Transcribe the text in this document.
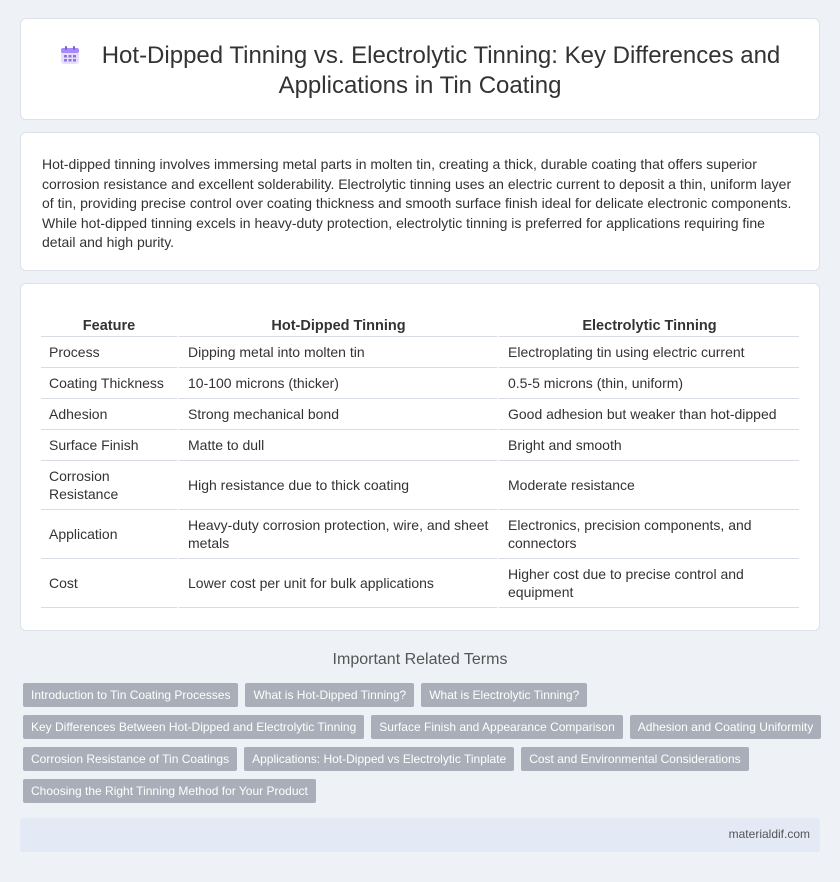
Hot-Dipped Tinning vs. Electrolytic Tinning: Key Differences and Applications in Tin Coating

Hot-dipped tinning involves immersing metal parts in molten tin, creating a thick, durable coating that offers superior corrosion resistance and excellent solderability. Electrolytic tinning uses an electric current to deposit a thin, uniform layer of tin, providing precise control over coating thickness and smooth surface finish ideal for delicate electronic components. While hot-dipped tinning excels in heavy-duty protection, electrolytic tinning is preferred for applications requiring fine detail and high purity.

Feature	Hot-Dipped Tinning	Electrolytic Tinning
Process	Dipping metal into molten tin	Electroplating tin using electric current
Coating Thickness	10-100 microns (thicker)	0.5-5 microns (thin, uniform)
Adhesion	Strong mechanical bond	Good adhesion but weaker than hot-dipped
Surface Finish	Matte to dull	Bright and smooth
Corrosion Resistance	High resistance due to thick coating	Moderate resistance
Application	Heavy-duty corrosion protection, wire, and sheet metals	Electronics, precision components, and connectors
Cost	Lower cost per unit for bulk applications	Higher cost due to precise control and equipment
Important Related Terms
Introduction to Tin Coating Processes	What is Hot-Dipped Tinning?	What is Electrolytic Tinning?
Key Differences Between Hot-Dipped and Electrolytic Tinning	Surface Finish and Appearance Comparison	Adhesion and Coating Uniformity
Corrosion Resistance of Tin Coatings	Applications: Hot-Dipped vs Electrolytic Tinplate	Cost and Environmental Considerations
Choosing the Right Tinning Method for Your Product
materialdif.com
